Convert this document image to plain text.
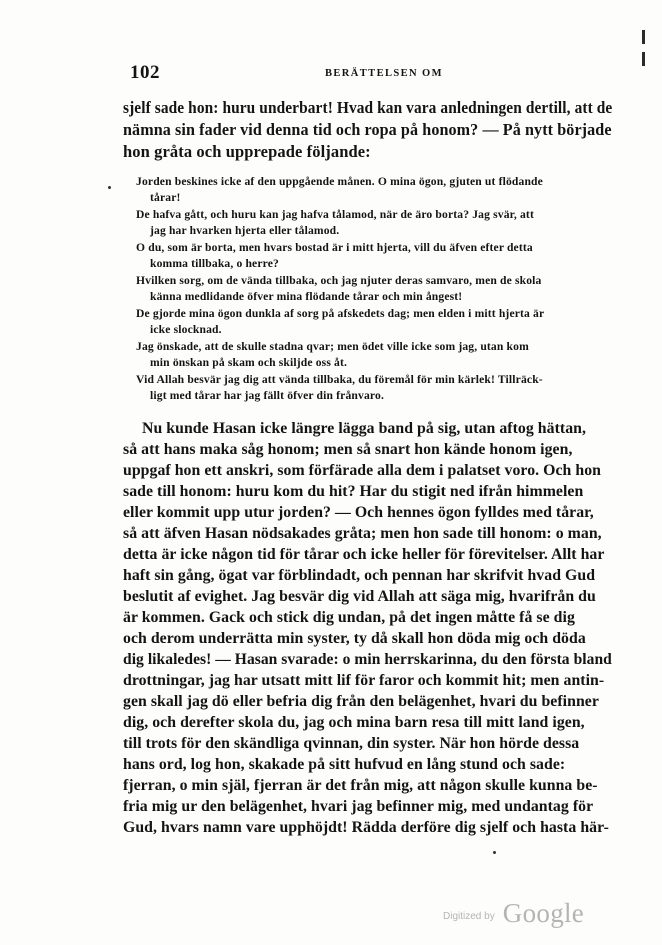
102	BERÄTTELSEN OM
sjelf sade hon: huru underbart! Hvad kan vara anledningen dertill, att de
nämna sin fader vid denna tid och ropa på honom? — På nytt började
hon gråta och upprepade följande:
Jorden beskines icke af den uppgående månen. O mina ögon, gjuten ut flödande
tårar!
De hafva gått, och huru kan jag hafva tålamod, när de äro borta? Jag svär, att
jag har hvarken hjerta eller tålamod.
O du, som är borta, men hvars bostad är i mitt hjerta, vill du äfven efter detta
komma tillbaka, o herre?
Hvilken sorg, om de vända tillbaka, och jag njuter deras samvaro, men de skola
känna medlidande öfver mina flödande tårar och min ångest!
De gjorde mina ögon dunkla af sorg på afskedets dag; men elden i mitt hjerta är
icke slocknad.
Jag önskade, att de skulle stadna qvar; men ödet ville icke som jag, utan kom
min önskan på skam och skiljde oss åt.
Vid Allah besvär jag dig att vända tillbaka, du föremål för min kärlek! Tillräck-
ligt med tårar har jag fällt öfver din frånvaro.
Nu kunde Hasan icke längre lägga band på sig, utan aftog hättan,
så att hans maka såg honom; men så snart hon kände honom igen,
uppgaf hon ett anskri, som förfärade alla dem i palatset voro. Och hon
sade till honom: huru kom du hit? Har du stigit ned ifrån himmelen
eller kommit upp utur jorden? — Och hennes ögon fylldes med tårar,
så att äfven Hasan nödsakades gråta; men hon sade till honom: o man,
detta är icke någon tid för tårar och icke heller för förevitelser. Allt har
haft sin gång, ögat var förblindadt, och pennan har skrifvit hvad Gud
beslutit af evighet. Jag besvär dig vid Allah att säga mig, hvarifrån du
är kommen. Gack och stick dig undan, på det ingen måtte få se dig
och derom underrätta min syster, ty då skall hon döda mig och döda
dig likaledes! — Hasan svarade: o min herrskarinna, du den första bland
drottningar, jag har utsatt mitt lif för faror och kommit hit; men antin-
gen skall jag dö eller befria dig från den belägenhet, hvari du befinner
dig, och derefter skola du, jag och mina barn resa till mitt land igen,
till trots för den skändliga qvinnan, din syster. När hon hörde dessa
hans ord, log hon, skakade på sitt hufvud en lång stund och sade:
fjerran, o min själ, fjerran är det från mig, att någon skulle kunna be-
fria mig ur den belägenhet, hvari jag befinner mig, med undantag för
Gud, hvars namn vare upphöjdt! Rädda derföre dig sjelf och hasta här-
Digitized by Google
